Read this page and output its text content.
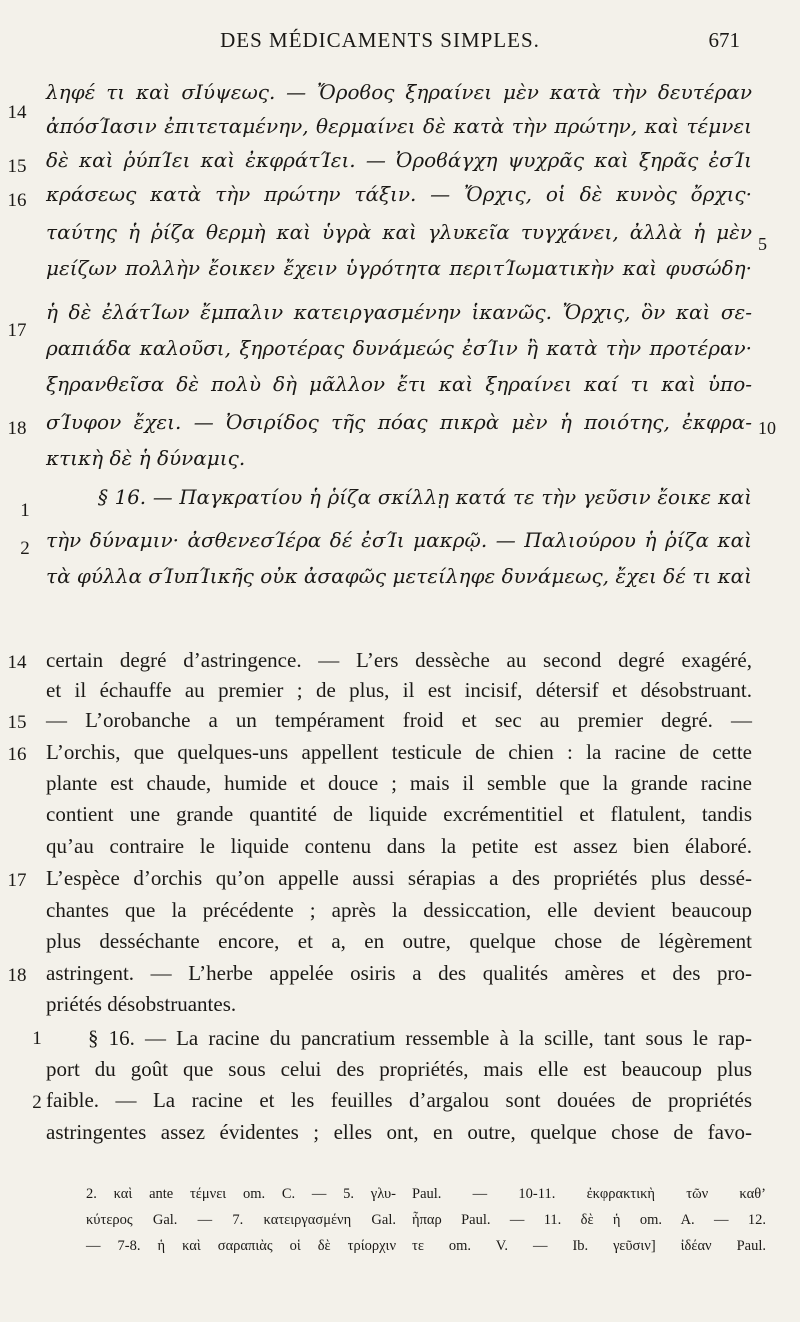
DES MÉDICAMENTS SIMPLES.	671
14
ληφέ τι καὶ σΙύψεως. — Ὄροϐος ξηραίνει μὲν κατὰ τὴν δευτέραν
ἀπόσΊασιν ἐπιτεταμένην, θερμαίνει δὲ κατὰ τὴν πρώτην, καὶ τέμνει
15 δὲ καὶ ῥύπΊει καὶ ἐκφράτΊει. — Ὀροϐάγχη ψυχρᾶς καὶ ξηρᾶς ἐσΊι
16 κράσεως κατὰ τὴν πρώτην τάξιν. — Ὄρχις, οἱ δὲ κυνὸς ὄρχις·
ταύτης ἡ ῥίζα θερμὴ καὶ ὑγρὰ καὶ γλυκεῖα τυγχάνει, ἀλλὰ ἡ μὲν 5
μείζων πολλὴν ἔοικεν ἔχειν ὑγρότητα περιτΊωματικὴν καὶ φυσώδη·
17
ἡ δὲ ἐλάτΊων ἔμπαλιν κατειργασμένην ἱκανῶς. Ὄρχις, ὃν καὶ σε-
ραπιάδα καλοῦσι, ξηροτέρας δυνάμεώς ἐσΊιν ἢ κατὰ τὴν προτέραν·
ξηρανθεῖσα δὲ πολὺ δὴ μᾶλλον ἔτι καὶ ξηραίνει καί τι καὶ ὑπο-
18	10
σΊυφον ἔχει. — Ὀσιρίδος τῆς πόας πικρὰ μὲν ἡ ποιότης, ἐκφρα-
κτικὴ δὲ ἡ δύναμις.
1
§ 16. — Παγκρατίου ἡ ῥίζα σκίλλῃ κατά τε τὴν γεῦσιν ἔοικε καὶ
2 τὴν δύναμιν· ἀσθενεσΊέρα δέ ἐσΊι μακρῷ. — Παλιούρου ἡ ῥίζα καὶ
τὰ φύλλα σΊυπΊικῆς οὐκ ἀσαφῶς μετείληφε δυνάμεως, ἔχει δέ τι καὶ
14 certain degré d’astringence. — L’ers dessèche au second degré exagéré,
et il échauffe au premier ; de plus, il est incisif, détersif et désobstruant.
15 — L’orobanche a un tempérament froid et sec au premier degré. —
16 L’orchis, que quelques-uns appellent testicule de chien : la racine de cette
plante est chaude, humide et douce ; mais il semble que la grande racine
contient une grande quantité de liquide excrémentitiel et flatulent, tandis
qu’au contraire le liquide contenu dans la petite est assez bien élaboré.
17 L’espèce d’orchis qu’on appelle aussi sérapias a des propriétés plus dessé-
chantes que la précédente ; après la dessiccation, elle devient beaucoup
plus desséchante encore, et a, en outre, quelque chose de légèrement
18 astringent. — L’herbe appelée osiris a des qualités amères et des pro-
priétés désobstruantes.
1	§ 16. — La racine du pancratium ressemble à la scille, tant sous le rap-
port du goût que sous celui des propriétés, mais elle est beaucoup plus
2 faible. — La racine et les feuilles d’argalou sont douées de propriétés
astringentes assez évidentes ; elles ont, en outre, quelque chose de favo-
2. καὶ ante τέμνει om. C. — 5. γλυ-
κύτερος Gal. — 7. κατειργασμένη Gal.
— 7-8. ἡ καὶ σαραπιὰς οἱ δὲ τρίορχιν
Paul. — 10-11. ἐκφρακτικὴ τῶν καθ’
ἧπαρ Paul. — 11. δὲ ἡ om. A. — 12.
τε om. V. — Ib. γεῦσιν] ἰδέαν Paul.
